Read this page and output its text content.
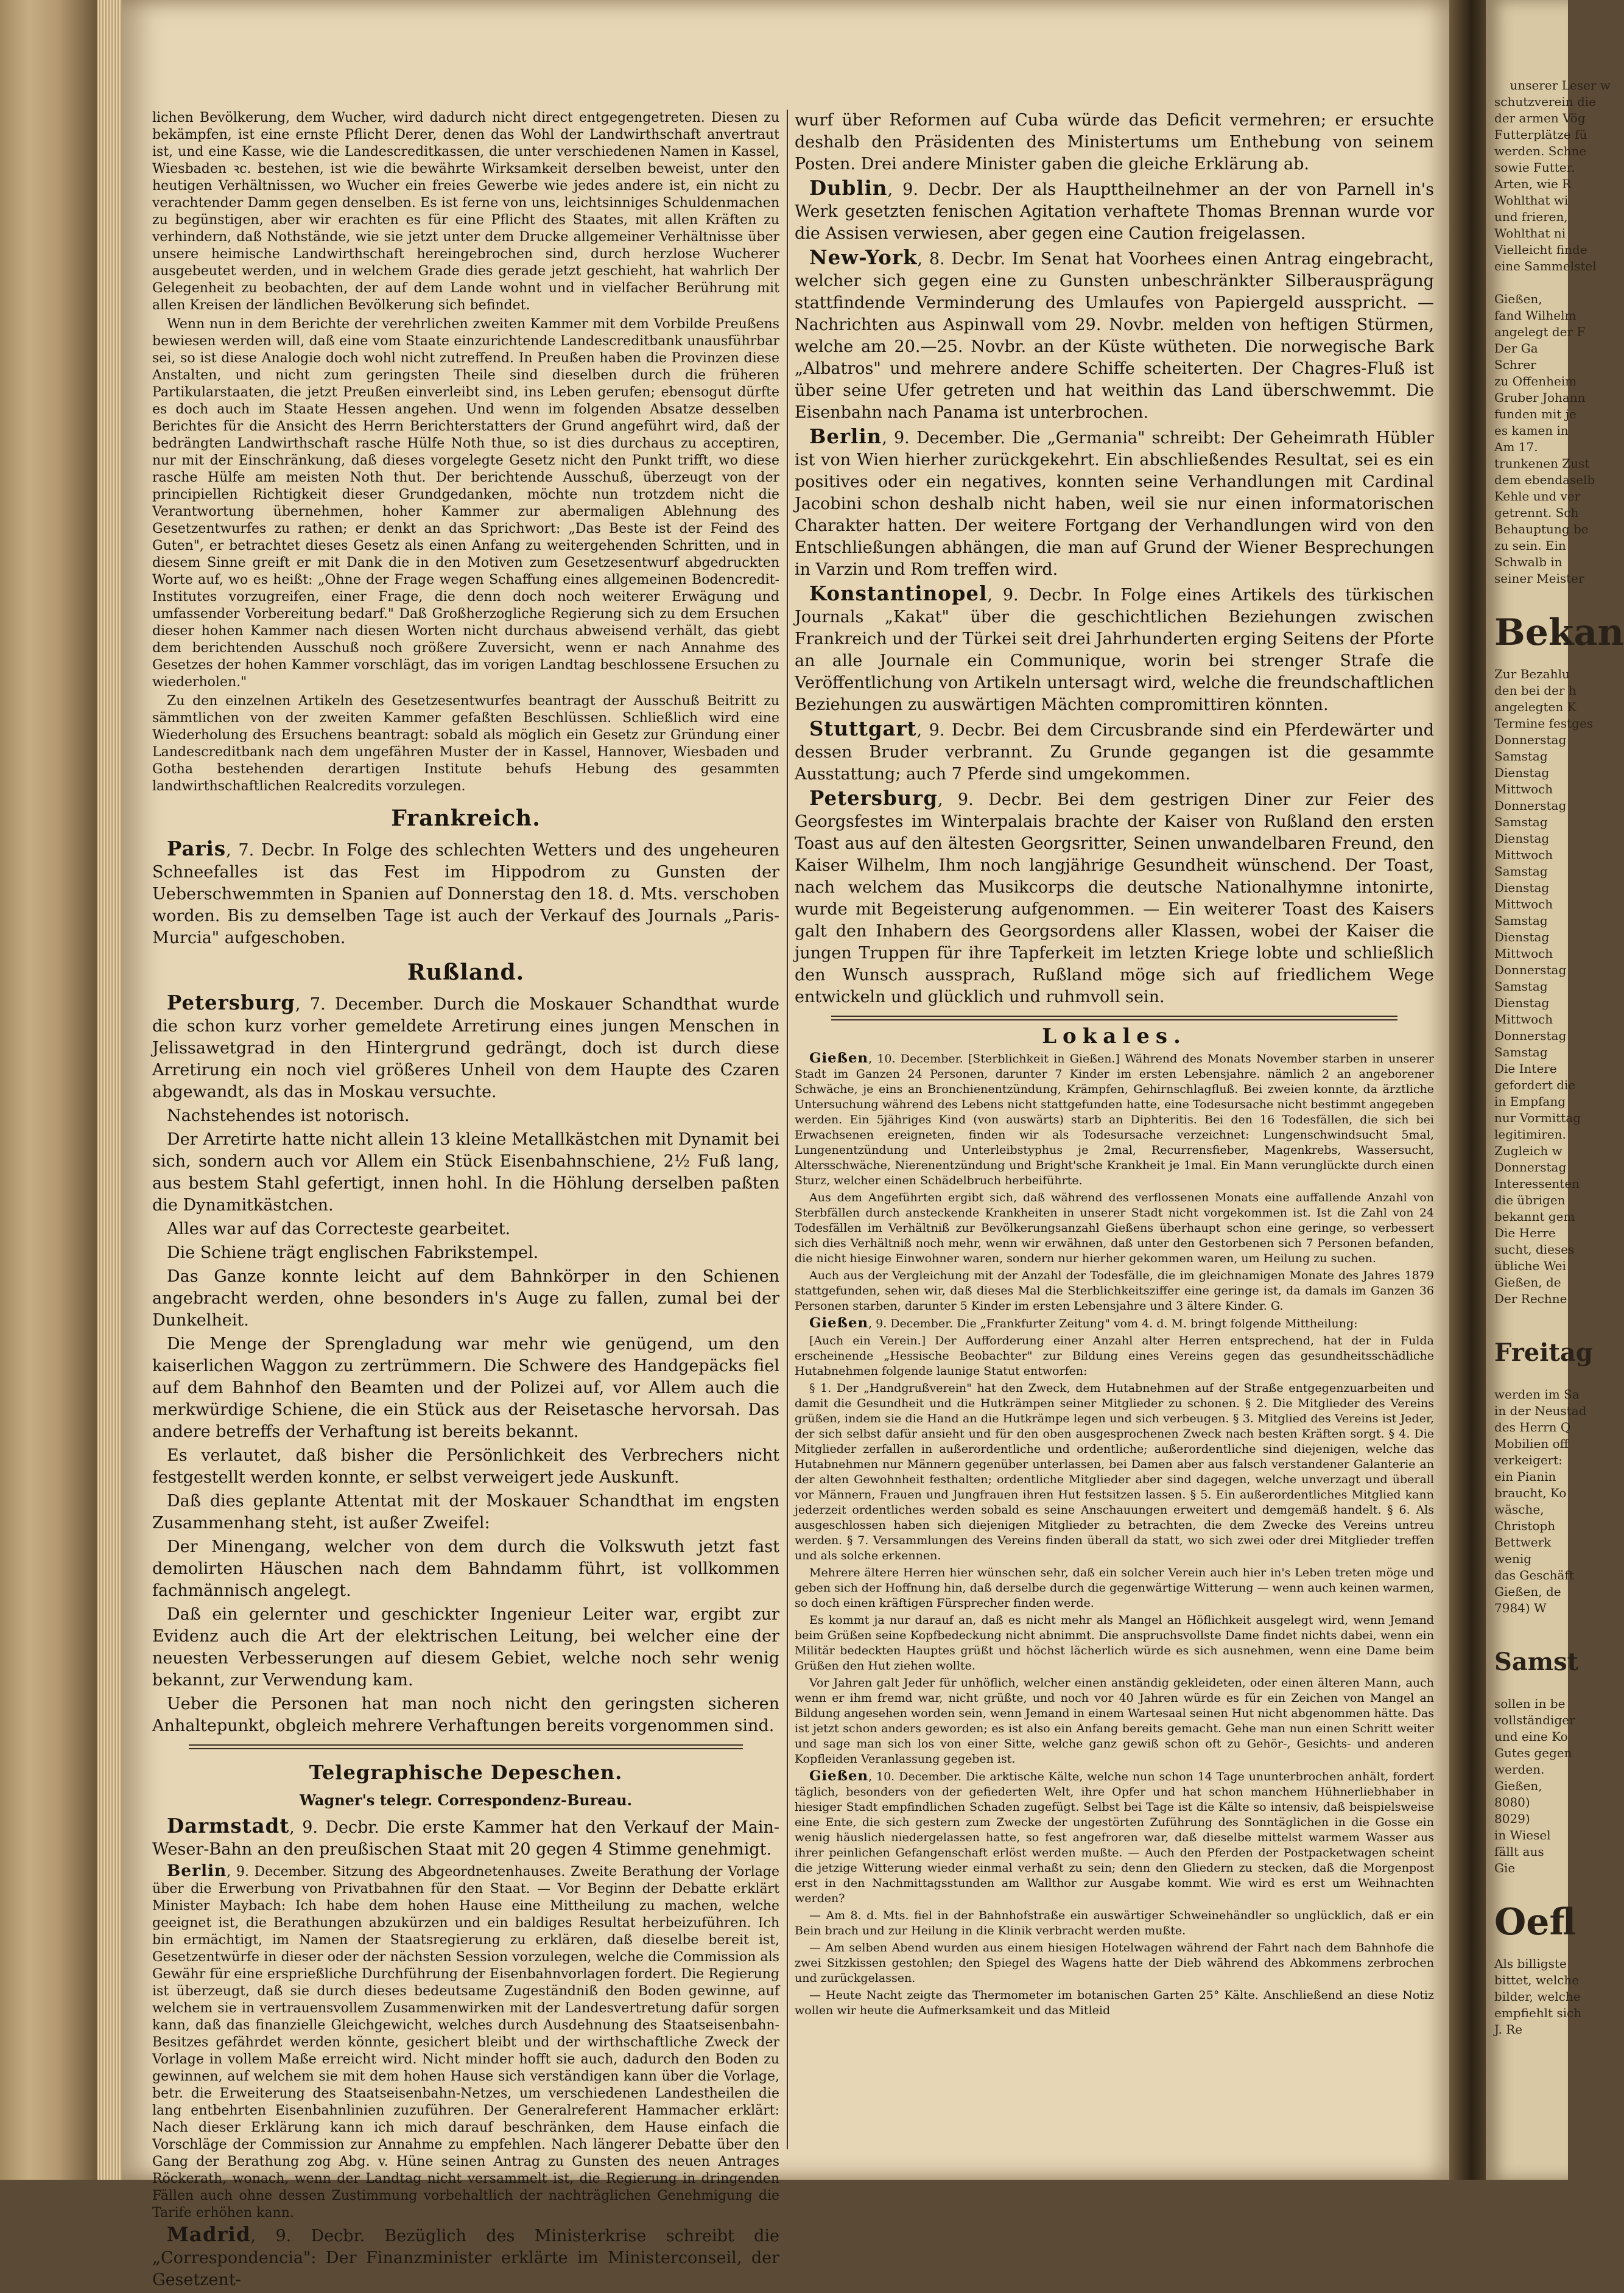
lichen Bevölkerung, dem Wucher, wird dadurch nicht direct entgegengetreten. Diesen zu bekämpfen, ist eine ernste Pflicht Derer, denen das Wohl der Landwirthschaft anvertraut ist, und eine Kasse, wie die Landescreditkassen, die unter verschiedenen Namen in Kassel, Wiesbaden ꝛc. bestehen, ist wie die bewährte Wirksamkeit derselben beweist, unter den heutigen Verhältnissen, wo Wucher ein freies Gewerbe wie jedes andere ist, ein nicht zu verachtender Damm gegen denselben. Es ist ferne von uns, leichtsinniges Schuldenmachen zu begünstigen, aber wir erachten es für eine Pflicht des Staates, mit allen Kräften zu verhindern, daß Nothstände, wie sie jetzt unter dem Drucke allgemeiner Verhältnisse über unsere heimische Landwirthschaft hereingebrochen sind, durch herzlose Wucherer ausgebeutet werden, und in welchem Grade dies gerade jetzt geschieht, hat wahrlich Der Gelegenheit zu beobachten, der auf dem Lande wohnt und in vielfacher Berührung mit allen Kreisen der ländlichen Bevölkerung sich befindet.

Wenn nun in dem Berichte der verehrlichen zweiten Kammer mit dem Vorbilde Preußens bewiesen werden will, daß eine vom Staate einzurichtende Landescreditbank unausführbar sei, so ist diese Analogie doch wohl nicht zutreffend. In Preußen haben die Provinzen diese Anstalten, und nicht zum geringsten Theile sind dieselben durch die früheren Partikularstaaten, die jetzt Preußen einverleibt sind, ins Leben gerufen; ebensogut dürfte es doch auch im Staate Hessen angehen. Und wenn im folgenden Absatze desselben Berichtes für die Ansicht des Herrn Berichterstatters der Grund angeführt wird, daß der bedrängten Landwirthschaft rasche Hülfe Noth thue, so ist dies durchaus zu acceptiren, nur mit der Einschränkung, daß dieses vorgelegte Gesetz nicht den Punkt trifft, wo diese rasche Hülfe am meisten Noth thut. Der berichtende Ausschuß, überzeugt von der principiellen Richtigkeit dieser Grundgedanken, möchte nun trotzdem nicht die Verantwortung übernehmen, hoher Kammer zur abermaligen Ablehnung des Gesetzentwurfes zu rathen; er denkt an das Sprichwort: „Das Beste ist der Feind des Guten", er betrachtet dieses Gesetz als einen Anfang zu weitergehenden Schritten, und in diesem Sinne greift er mit Dank die in den Motiven zum Gesetzesentwurf abgedruckten Worte auf, wo es heißt: „Ohne der Frage wegen Schaffung eines allgemeinen Bodencredit-Institutes vorzugreifen, einer Frage, die denn doch noch weiterer Erwägung und umfassender Vorbereitung bedarf." Daß Großherzogliche Regierung sich zu dem Ersuchen dieser hohen Kammer nach diesen Worten nicht durchaus abweisend verhält, das giebt dem berichtenden Ausschuß noch größere Zuversicht, wenn er nach Annahme des Gesetzes der hohen Kammer vorschlägt, das im vorigen Landtag beschlossene Ersuchen zu wiederholen."

Zu den einzelnen Artikeln des Gesetzesentwurfes beantragt der Ausschuß Beitritt zu sämmtlichen von der zweiten Kammer gefaßten Beschlüssen. Schließlich wird eine Wiederholung des Ersuchens beantragt: sobald als möglich ein Gesetz zur Gründung einer Landescreditbank nach dem ungefähren Muster der in Kassel, Hannover, Wiesbaden und Gotha bestehenden derartigen Institute behufs Hebung des gesammten landwirthschaftlichen Realcredits vorzulegen.

Frankreich.

Paris, 7. Decbr. In Folge des schlechten Wetters und des ungeheuren Schneefalles ist das Fest im Hippodrom zu Gunsten der Ueberschwemmten in Spanien auf Donnerstag den 18. d. Mts. verschoben worden. Bis zu demselben Tage ist auch der Verkauf des Journals „Paris-Murcia" aufgeschoben.

Rußland.

Petersburg, 7. December. Durch die Moskauer Schandthat wurde die schon kurz vorher gemeldete Arretirung eines jungen Menschen in Jelissawetgrad in den Hintergrund gedrängt, doch ist durch diese Arretirung ein noch viel größeres Unheil von dem Haupte des Czaren abgewandt, als das in Moskau versuchte.

Nachstehendes ist notorisch.

Der Arretirte hatte nicht allein 13 kleine Metallkästchen mit Dynamit bei sich, sondern auch vor Allem ein Stück Eisenbahnschiene, 2½ Fuß lang, aus bestem Stahl gefertigt, innen hohl. In die Höhlung derselben paßten die Dynamitkästchen.

Alles war auf das Correcteste gearbeitet.

Die Schiene trägt englischen Fabrikstempel.

Das Ganze konnte leicht auf dem Bahnkörper in den Schienen angebracht werden, ohne besonders in's Auge zu fallen, zumal bei der Dunkelheit.

Die Menge der Sprengladung war mehr wie genügend, um den kaiserlichen Waggon zu zertrümmern. Die Schwere des Handgepäcks fiel auf dem Bahnhof den Beamten und der Polizei auf, vor Allem auch die merkwürdige Schiene, die ein Stück aus der Reisetasche hervorsah. Das andere betreffs der Verhaftung ist bereits bekannt.

Es verlautet, daß bisher die Persönlichkeit des Verbrechers nicht festgestellt werden konnte, er selbst verweigert jede Auskunft.

Daß dies geplante Attentat mit der Moskauer Schandthat im engsten Zusammenhang steht, ist außer Zweifel:

Der Minengang, welcher von dem durch die Volkswuth jetzt fast demolirten Häuschen nach dem Bahndamm führt, ist vollkommen fachmännisch angelegt.

Daß ein gelernter und geschickter Ingenieur Leiter war, ergibt zur Evidenz auch die Art der elektrischen Leitung, bei welcher eine der neuesten Verbesserungen auf diesem Gebiet, welche noch sehr wenig bekannt, zur Verwendung kam.

Ueber die Personen hat man noch nicht den geringsten sicheren Anhaltepunkt, obgleich mehrere Verhaftungen bereits vorgenommen sind.

Telegraphische Depeschen.
Wagner's telegr. Correspondenz-Bureau.

Darmstadt, 9. Decbr. Die erste Kammer hat den Verkauf der Main-Weser-Bahn an den preußischen Staat mit 20 gegen 4 Stimme genehmigt.

Berlin, 9. December. Sitzung des Abgeordnetenhauses. Zweite Berathung der Vorlage über die Erwerbung von Privatbahnen für den Staat. — Vor Beginn der Debatte erklärt Minister Maybach: Ich habe dem hohen Hause eine Mittheilung zu machen, welche geeignet ist, die Berathungen abzukürzen und ein baldiges Resultat herbeizuführen. Ich bin ermächtigt, im Namen der Staatsregierung zu erklären, daß dieselbe bereit ist, Gesetzentwürfe in dieser oder der nächsten Session vorzulegen, welche die Commission als Gewähr für eine ersprießliche Durchführung der Eisenbahnvorlagen fordert. Die Regierung ist überzeugt, daß sie durch dieses bedeutsame Zugeständniß den Boden gewinne, auf welchem sie in vertrauensvollem Zusammenwirken mit der Landesvertretung dafür sorgen kann, daß das finanzielle Gleichgewicht, welches durch Ausdehnung des Staatseisenbahn-Besitzes gefährdet werden könnte, gesichert bleibt und der wirthschaftliche Zweck der Vorlage in vollem Maße erreicht wird. Nicht minder hofft sie auch, dadurch den Boden zu gewinnen, auf welchem sie mit dem hohen Hause sich verständigen kann über die Vorlage, betr. die Erweiterung des Staatseisenbahn-Netzes, um verschiedenen Landestheilen die lang entbehrten Eisenbahnlinien zuzuführen. Der Generalreferent Hammacher erklärt: Nach dieser Erklärung kann ich mich darauf beschränken, dem Hause einfach die Vorschläge der Commission zur Annahme zu empfehlen. Nach längerer Debatte über den Gang der Berathung zog Abg. v. Hüne seinen Antrag zu Gunsten des neuen Antrages Röckerath, wonach, wenn der Landtag nicht versammelt ist, die Regierung in dringenden Fällen auch ohne dessen Zustimmung vorbehaltlich der nachträglichen Genehmigung die Tarife erhöhen kann.

Madrid, 9. Decbr. Bezüglich des Ministerkrise schreibt die „Correspondencia": Der Finanzminister erklärte im Ministerconseil, der Gesetzent-

wurf über Reformen auf Cuba würde das Deficit vermehren; er ersuchte deshalb den Präsidenten des Ministertums um Enthebung von seinem Posten. Drei andere Minister gaben die gleiche Erklärung ab.

Dublin, 9. Decbr. Der als Haupttheilnehmer an der von Parnell in's Werk gesetzten fenischen Agitation verhaftete Thomas Brennan wurde vor die Assisen verwiesen, aber gegen eine Caution freigelassen.

New-York, 8. Decbr. Im Senat hat Voorhees einen Antrag eingebracht, welcher sich gegen eine zu Gunsten unbeschränkter Silberausprägung stattfindende Verminderung des Umlaufes von Papiergeld ausspricht. — Nachrichten aus Aspinwall vom 29. Novbr. melden von heftigen Stürmen, welche am 20.—25. Novbr. an der Küste wütheten. Die norwegische Bark „Albatros" und mehrere andere Schiffe scheiterten. Der Chagres-Fluß ist über seine Ufer getreten und hat weithin das Land überschwemmt. Die Eisenbahn nach Panama ist unterbrochen.

Berlin, 9. December. Die „Germania" schreibt: Der Geheimrath Hübler ist von Wien hierher zurückgekehrt. Ein abschließendes Resultat, sei es ein positives oder ein negatives, konnten seine Verhandlungen mit Cardinal Jacobini schon deshalb nicht haben, weil sie nur einen informatorischen Charakter hatten. Der weitere Fortgang der Verhandlungen wird von den Entschließungen abhängen, die man auf Grund der Wiener Besprechungen in Varzin und Rom treffen wird.

Konstantinopel, 9. Decbr. In Folge eines Artikels des türkischen Journals „Kakat" über die geschichtlichen Beziehungen zwischen Frankreich und der Türkei seit drei Jahrhunderten erging Seitens der Pforte an alle Journale ein Communique, worin bei strenger Strafe die Veröffentlichung von Artikeln untersagt wird, welche die freundschaftlichen Beziehungen zu auswärtigen Mächten compromittiren könnten.

Stuttgart, 9. Decbr. Bei dem Circusbrande sind ein Pferdewärter und dessen Bruder verbrannt. Zu Grunde gegangen ist die gesammte Ausstattung; auch 7 Pferde sind umgekommen.

Petersburg, 9. Decbr. Bei dem gestrigen Diner zur Feier des Georgsfestes im Winterpalais brachte der Kaiser von Rußland den ersten Toast aus auf den ältesten Georgsritter, Seinen unwandelbaren Freund, den Kaiser Wilhelm, Ihm noch langjährige Gesundheit wünschend. Der Toast, nach welchem das Musikcorps die deutsche Nationalhymne intonirte, wurde mit Begeisterung aufgenommen. — Ein weiterer Toast des Kaisers galt den Inhabern des Georgsordens aller Klassen, wobei der Kaiser die jungen Truppen für ihre Tapferkeit im letzten Kriege lobte und schließlich den Wunsch aussprach, Rußland möge sich auf friedlichem Wege entwickeln und glücklich und ruhmvoll sein.

Lokales.

Gießen, 10. December. [Sterblichkeit in Gießen.] Während des Monats November starben in unserer Stadt im Ganzen 24 Personen, darunter 7 Kinder im ersten Lebensjahre. nämlich 2 an angeborener Schwäche, je eins an Bronchienentzündung, Krämpfen, Gehirnschlagfluß. Bei zweien konnte, da ärztliche Untersuchung während des Lebens nicht stattgefunden hatte, eine Todesursache nicht bestimmt angegeben werden. Ein 5jähriges Kind (von auswärts) starb an Diphteritis. Bei den 16 Todesfällen, die sich bei Erwachsenen ereigneten, finden wir als Todesursache verzeichnet: Lungenschwindsucht 5mal, Lungenentzündung und Unterleibstyphus je 2mal, Recurrensfieber, Magenkrebs, Wassersucht, Altersschwäche, Nierenentzündung und Bright'sche Krankheit je 1mal. Ein Mann verunglückte durch einen Sturz, welcher einen Schädelbruch herbeiführte.

Aus dem Angeführten ergibt sich, daß während des verflossenen Monats eine auffallende Anzahl von Sterbfällen durch ansteckende Krankheiten in unserer Stadt nicht vorgekommen ist. Ist die Zahl von 24 Todesfällen im Verhältniß zur Bevölkerungsanzahl Gießens überhaupt schon eine geringe, so verbessert sich dies Verhältniß noch mehr, wenn wir erwähnen, daß unter den Gestorbenen sich 7 Personen befanden, die nicht hiesige Einwohner waren, sondern nur hierher gekommen waren, um Heilung zu suchen.

Auch aus der Vergleichung mit der Anzahl der Todesfälle, die im gleichnamigen Monate des Jahres 1879 stattgefunden, sehen wir, daß dieses Mal die Sterblichkeitsziffer eine geringe ist, da damals im Ganzen 36 Personen starben, darunter 5 Kinder im ersten Lebensjahre und 3 ältere Kinder. G.

Gießen, 9. December. Die „Frankfurter Zeitung" vom 4. d. M. bringt folgende Mittheilung:

[Auch ein Verein.] Der Aufforderung einer Anzahl alter Herren entsprechend, hat der in Fulda erscheinende „Hessische Beobachter" zur Bildung eines Vereins gegen das gesundheitsschädliche Hutabnehmen folgende launige Statut entworfen:

§ 1. Der „Handgrußverein" hat den Zweck, dem Hutabnehmen auf der Straße entgegenzuarbeiten und damit die Gesundheit und die Hutkrämpen seiner Mitglieder zu schonen. § 2. Die Mitglieder des Vereins grüßen, indem sie die Hand an die Hutkrämpe legen und sich verbeugen. § 3. Mitglied des Vereins ist Jeder, der sich selbst dafür ansieht und für den oben ausgesprochenen Zweck nach besten Kräften sorgt. § 4. Die Mitglieder zerfallen in außerordentliche und ordentliche; außerordentliche sind diejenigen, welche das Hutabnehmen nur Männern gegenüber unterlassen, bei Damen aber aus falsch verstandener Galanterie an der alten Gewohnheit festhalten; ordentliche Mitglieder aber sind dagegen, welche unverzagt und überall vor Männern, Frauen und Jungfrauen ihren Hut festsitzen lassen. § 5. Ein außerordentliches Mitglied kann jederzeit ordentliches werden sobald es seine Anschauungen erweitert und demgemäß handelt. § 6. Als ausgeschlossen haben sich diejenigen Mitglieder zu betrachten, die dem Zwecke des Vereins untreu werden. § 7. Versammlungen des Vereins finden überall da statt, wo sich zwei oder drei Mitglieder treffen und als solche erkennen.

Mehrere ältere Herren hier wünschen sehr, daß ein solcher Verein auch hier in's Leben treten möge und geben sich der Hoffnung hin, daß derselbe durch die gegenwärtige Witterung — wenn auch keinen warmen, so doch einen kräftigen Fürsprecher finden werde.

Es kommt ja nur darauf an, daß es nicht mehr als Mangel an Höflichkeit ausgelegt wird, wenn Jemand beim Grüßen seine Kopfbedeckung nicht abnimmt. Die anspruchsvollste Dame findet nichts dabei, wenn ein Militär bedeckten Hauptes grüßt und höchst lächerlich würde es sich ausnehmen, wenn eine Dame beim Grüßen den Hut ziehen wollte.

Vor Jahren galt Jeder für unhöflich, welcher einen anständig gekleideten, oder einen älteren Mann, auch wenn er ihm fremd war, nicht grüßte, und noch vor 40 Jahren würde es für ein Zeichen von Mangel an Bildung angesehen worden sein, wenn Jemand in einem Wartesaal seinen Hut nicht abgenommen hätte. Das ist jetzt schon anders geworden; es ist also ein Anfang bereits gemacht. Gehe man nun einen Schritt weiter und sage man sich los von einer Sitte, welche ganz gewiß schon oft zu Gehör-, Gesichts- und anderen Kopfleiden Veranlassung gegeben ist.

Gießen, 10. December. Die arktische Kälte, welche nun schon 14 Tage ununterbrochen anhält, fordert täglich, besonders von der gefiederten Welt, ihre Opfer und hat schon manchem Hühnerliebhaber in hiesiger Stadt empfindlichen Schaden zugefügt. Selbst bei Tage ist die Kälte so intensiv, daß beispielsweise eine Ente, die sich gestern zum Zwecke der ungestörten Zuführung des Sonntäglichen in die Gosse ein wenig häuslich niedergelassen hatte, so fest angefroren war, daß dieselbe mittelst warmem Wasser aus ihrer peinlichen Gefangenschaft erlöst werden mußte. — Auch den Pferden der Postpacketwagen scheint die jetzige Witterung wieder einmal verhaßt zu sein; denn den Gliedern zu stecken, daß die Morgenpost erst in den Nachmittagsstunden am Wallthor zur Ausgabe kommt. Wie wird es erst um Weihnachten werden?

— Am 8. d. Mts. fiel in der Bahnhofstraße ein auswärtiger Schweinehändler so unglücklich, daß er ein Bein brach und zur Heilung in die Klinik verbracht werden mußte.

— Am selben Abend wurden aus einem hiesigen Hotelwagen während der Fahrt nach dem Bahnhofe die zwei Sitzkissen gestohlen; den Spiegel des Wagens hatte der Dieb während des Abkommens zerbrochen und zurückgelassen.

— Heute Nacht zeigte das Thermometer im botanischen Garten 25° Kälte. Anschließend an diese Notiz wollen wir heute die Aufmerksamkeit und das Mitleid

unserer Leser w
schutzverein die
der armen Vög
Futterplätze fü
werden. Schne
sowie Futter.
Arten, wie R
Wohlthat wi
und frieren,
Wohlthat ni
Vielleicht finde
eine Sammelstel

Gießen,
fand Wilhelm
angelegt der F
Der Ga
Schrer
zu Offenheim
Gruber Johann
funden mit je
es kamen in
Am 17.
trunkenen Zust
dem ebendaselb
Kehle und ver
getrennt. Sch
Behauptung be
zu sein. Ein
Schwalb in
seiner Meister

Bekan
Zur Bezahlu
den bei der h
angelegten K
Termine festges
Donnerstag
Samstag
Dienstag
Mittwoch
Donnerstag
Samstag
Dienstag
Mittwoch
Samstag
Dienstag
Mittwoch
Samstag
Dienstag
Mittwoch
Donnerstag
Samstag
Dienstag
Mittwoch
Donnerstag
Samstag
Die Intere
gefordert die
in Empfang
nur Vormittag
legitimiren.
Zugleich w
Donnerstag
Interessenten
die übrigen
bekannt gem
Die Herre
sucht, dieses
übliche Wei
Gießen, de
Der Rechne

Freitag
werden im Sa
in der Neustad
des Herrn Q
Mobilien off
verkeigert:
ein Pianin
braucht, Ko
wäsche,
Christoph
Bettwerk
wenig
das Geschäft
Gießen, de
7984) W

Samst
sollen in be
vollständiger
und eine Ko
Gutes gegen
werden.
Gießen,
8080)
8029)
in Wiesel
fällt aus
Gie

Oefl
Als billigste
bittet, welche
bilder, welche
empfiehlt sich
J. Re
